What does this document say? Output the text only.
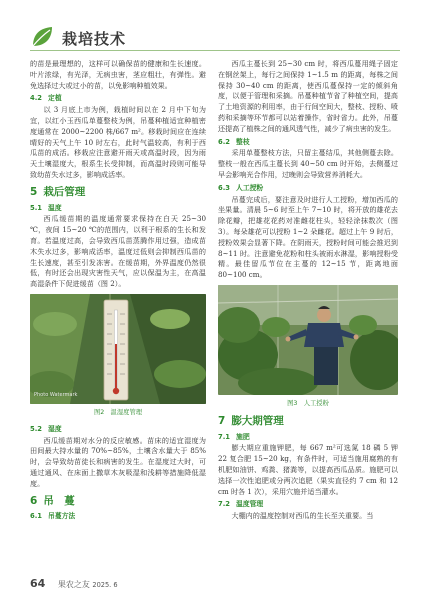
栽培技术

的苗是最理想的，这样可以确保苗的健康和生长速度。叶片浓绿，有光泽，无病虫害，茎应粗壮，有弹性。避免选择过大或过小的苗，以免影响种植效果。

4.2 定植

以 3 月底上市为例，栽植时间以在 2 月中下旬为宜，以红小玉西瓜单蔓整枝为例，吊蔓种植适宜种植密度通常在 2000~2200 株/667 m²。移栽时间应在连续晴好的天气上午 10 时左右，此时气温较高，有利于西瓜苗的成活。移栽应注意避开雨天或高温时段，因为雨天土壤湿度大，根系生长受抑制，而高温时段则可能导致幼苗失水过多，影响成活率。

5 栽后管理
5.1 温度

西瓜缓苗期的温度通常要求保持在白天 25~30 ℃，夜间 15~20 ℃的范围内，以利于根系的生长和发育。若温度过高，会导致西瓜苗蒸腾作用过强，造成苗木失水过多，影响成活率，温度过低则会抑制西瓜苗的生长速度，甚至引发冻害。在缓苗期，外界温度仍然很低，有时还会出现灾害性天气，应以保温为主，在高温高湿条件下促进缓苗（图 2）。

Photo Watermark
图2　温湿度管理
5.2 湿度

西瓜缓苗期对水分的反应敏感。苗床的适宜湿度为田间最大持水量的 70%~85%，土壤含水量大于 85%时，会导致幼苗徒长和病害的发生。在湿度过大时，可通过通风、在床面上撒草木灰吸湿和浅耕等措施降低湿度。

6 吊　蔓
6.1 吊蔓方法

西瓜主蔓长到 25~30 cm 时，将西瓜蔓用绳子固定在钢丝架上，每行之间保持 1~1.5 m 的距离，每株之间保持 30~40 cm 的距离，使西瓜蔓保持一定的倾斜角度，以便于管理和采摘。吊蔓种植节省了种植空间，提高了土地资源的利用率，由于行间空间大，整枝、授粉、喷药和采摘等环节都可以站着操作，省时省力。此外，吊蔓还提高了植株之间的通风透气性，减少了病虫害的发生。

6.2 整枝

采用单蔓整枝方法，只留主蔓结瓜，其他侧蔓去除。整枝一般在西瓜主蔓长到 40~50 cm 时开始，去侧蔓过早会影响光合作用，过晚则会导致营养消耗大。

6.3 人工授粉

吊蔓完成后，要注意及时进行人工授粉，增加西瓜的坐果量。清晨 5~6 时至上午 7~10 时，将开放的雄花去除花瓣，把雄花花药对准雌花柱头，轻轻涂抹数次（图 3）。每朵雄花可以授粉 1~2 朵雌花。超过上午 9 时后，授粉效果会显著下降。在阴雨天，授粉时间可能会推迟到 8~11 时。注意避免花粉和柱头被雨水淋湿，影响授粉受精。最佳留瓜节位在主蔓的 12~15 节，距离地面 80~100 cm。

图3　人工授粉
7 膨大期管理
7.1 施肥

膨大期应重施钾肥，每 667 m²可选氮 18 磷 5 钾 22 复合肥 15~20 kg，有条件时，可适当施用腐熟的有机肥如油饼、鸡粪、猪粪等，以提高西瓜品质。施肥可以选择一次性追肥或分两次追肥（果实直径约 7 cm 和 12 cm 时各 1 次），采用穴施并适当灌水。

7.2 温度管理

大棚内的温度控制对西瓜的生长至关重要。当

64 果农之友 2025. 6
